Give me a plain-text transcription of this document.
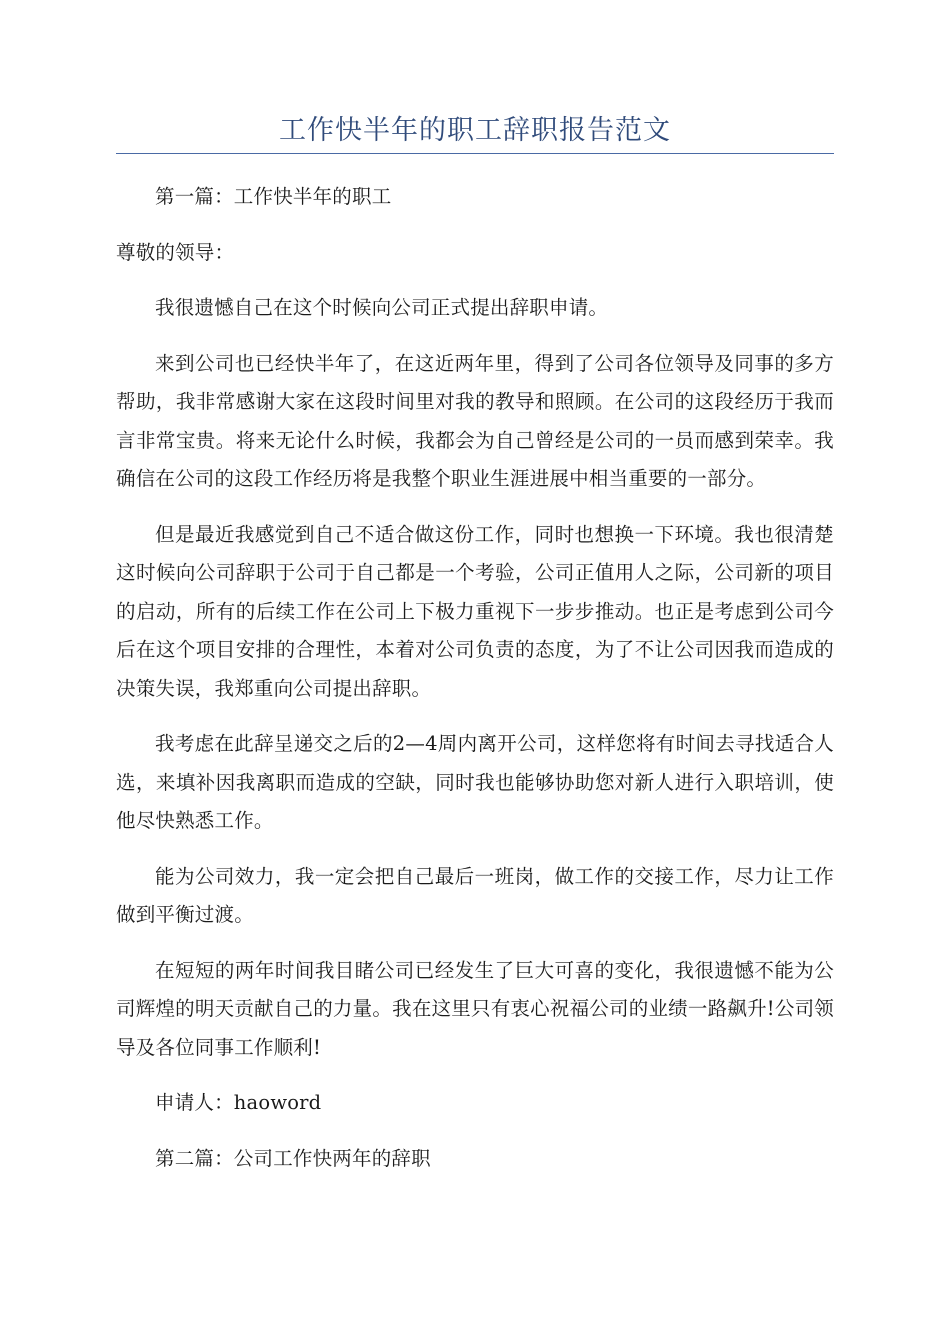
工作快半年的职工辞职报告范文

第一篇：工作快半年的职工

尊敬的领导：

我很遗憾自己在这个时候向公司正式提出辞职申请。

来到公司也已经快半年了，在这近两年里，得到了公司各位领导及同事的多方帮助，我非常感谢大家在这段时间里对我的教导和照顾。在公司的这段经历于我而言非常宝贵。将来无论什么时候，我都会为自己曾经是公司的一员而感到荣幸。我确信在公司的这段工作经历将是我整个职业生涯进展中相当重要的一部分。

但是最近我感觉到自己不适合做这份工作，同时也想换一下环境。我也很清楚这时候向公司辞职于公司于自己都是一个考验，公司正值用人之际，公司新的项目的启动，所有的后续工作在公司上下极力重视下一步步推动。也正是考虑到公司今后在这个项目安排的合理性，本着对公司负责的态度，为了不让公司因我而造成的决策失误，我郑重向公司提出辞职。

我考虑在此辞呈递交之后的2—4周内离开公司，这样您将有时间去寻找适合人选，来填补因我离职而造成的空缺，同时我也能够协助您对新人进行入职培训，使他尽快熟悉工作。

能为公司效力，我一定会把自己最后一班岗，做工作的交接工作，尽力让工作做到平衡过渡。

在短短的两年时间我目睹公司已经发生了巨大可喜的变化，我很遗憾不能为公司辉煌的明天贡献自己的力量。我在这里只有衷心祝福公司的业绩一路飙升!公司领导及各位同事工作顺利!

申请人：haoword

第二篇：公司工作快两年的辞职
